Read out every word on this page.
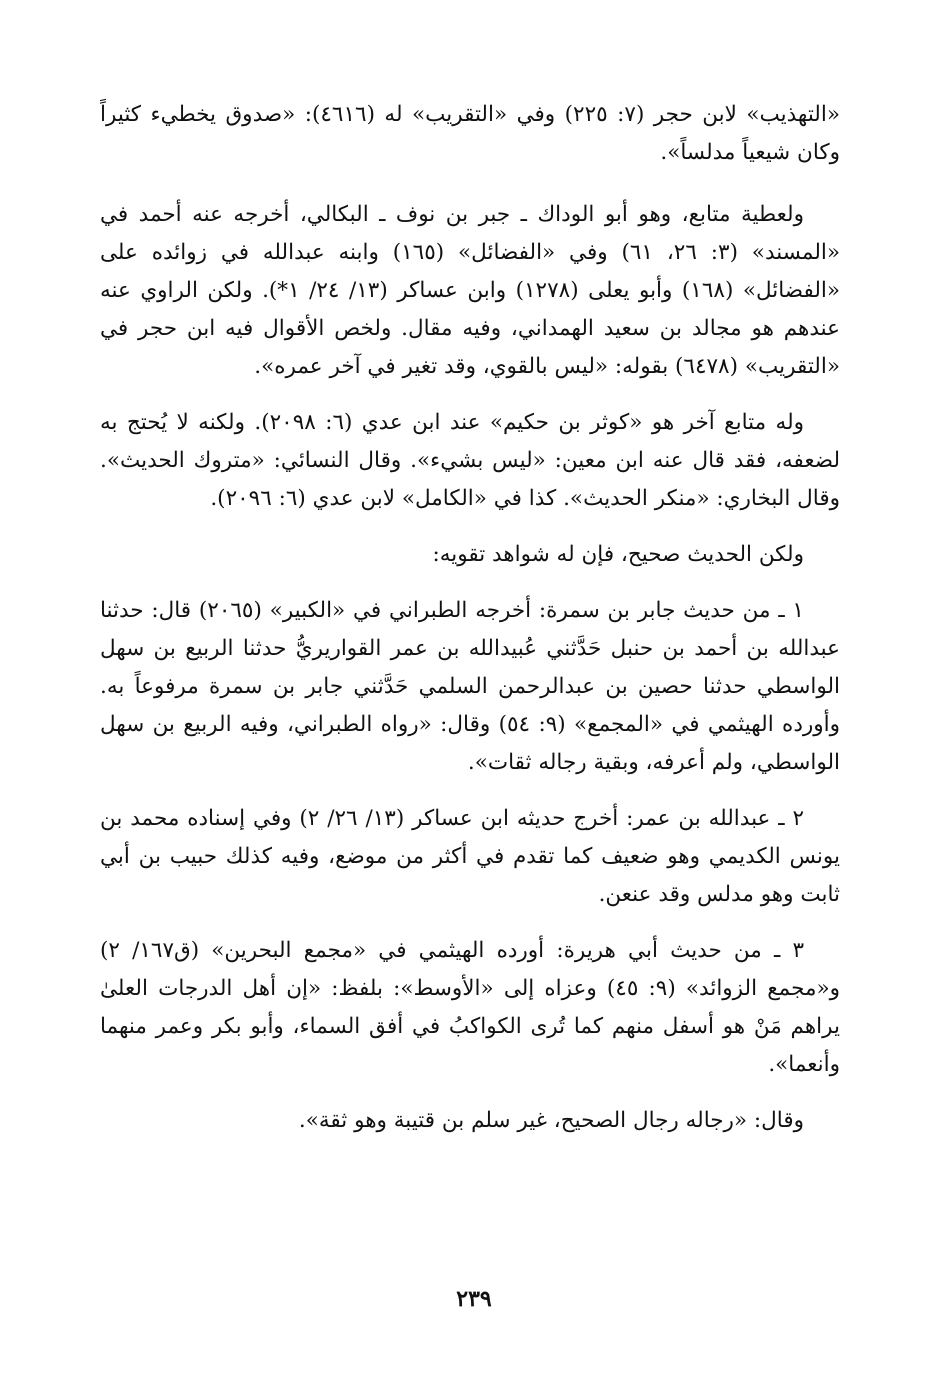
«التهذيب» لابن حجر (٧: ٢٢٥) وفي «التقريب» له (٤٦١٦): «صدوق يخطيء كثيراً وكان شيعياً مدلساً».

ولعطية متابع، وهو أبو الوداك ـ جبر بن نوف ـ البكالي، أخرجه عنه أحمد في «المسند» (٣: ٢٦، ٦١) وفي «الفضائل» (١٦٥) وابنه عبدالله في زوائده على «الفضائل» (١٦٨) وأبو يعلى (١٢٧٨) وابن عساكر (١٣/ ٢٤/ ١*). ولكن الراوي عنه عندهم هو مجالد بن سعيد الهمداني، وفيه مقال. ولخص الأقوال فيه ابن حجر في «التقريب» (٦٤٧٨) بقوله: «ليس بالقوي، وقد تغير في آخر عمره».

وله متابع آخر هو «كوثر بن حكيم» عند ابن عدي (٦: ٢٠٩٨). ولكنه لا يُحتج به لضعفه، فقد قال عنه ابن معين: «ليس بشيء». وقال النسائي: «متروك الحديث». وقال البخاري: «منكر الحديث». كذا في «الكامل» لابن عدي (٦: ٢٠٩٦).

ولكن الحديث صحيح، فإن له شواهد تقويه:

١ ـ من حديث جابر بن سمرة: أخرجه الطبراني في «الكبير» (٢٠٦٥) قال: حدثنا عبدالله بن أحمد بن حنبل حَدَّثني عُبيدالله بن عمر القواريريُّ حدثنا الربيع بن سهل الواسطي حدثنا حصين بن عبدالرحمن السلمي حَدَّثني جابر بن سمرة مرفوعاً به. وأورده الهيثمي في «المجمع» (٩: ٥٤) وقال: «رواه الطبراني، وفيه الربيع بن سهل الواسطي، ولم أعرفه، وبقية رجاله ثقات».

٢ ـ عبدالله بن عمر: أخرج حديثه ابن عساكر (١٣/ ٢٦/ ٢) وفي إسناده محمد بن يونس الكديمي وهو ضعيف كما تقدم في أكثر من موضع، وفيه كذلك حبيب بن أبي ثابت وهو مدلس وقد عنعن.

٣ ـ من حديث أبي هريرة: أورده الهيثمي في «مجمع البحرين» (ق١٦٧/ ٢) و«مجمع الزوائد» (٩: ٤٥) وعزاه إلى «الأوسط»: بلفظ: «إن أهل الدرجات العلىٰ يراهم مَنْ هو أسفل منهم كما تُرى الكواكبُ في أفق السماء، وأبو بكر وعمر منهما وأنعما».

وقال: «رجاله رجال الصحيح، غير سلم بن قتيبة وهو ثقة».

٢٣٩
